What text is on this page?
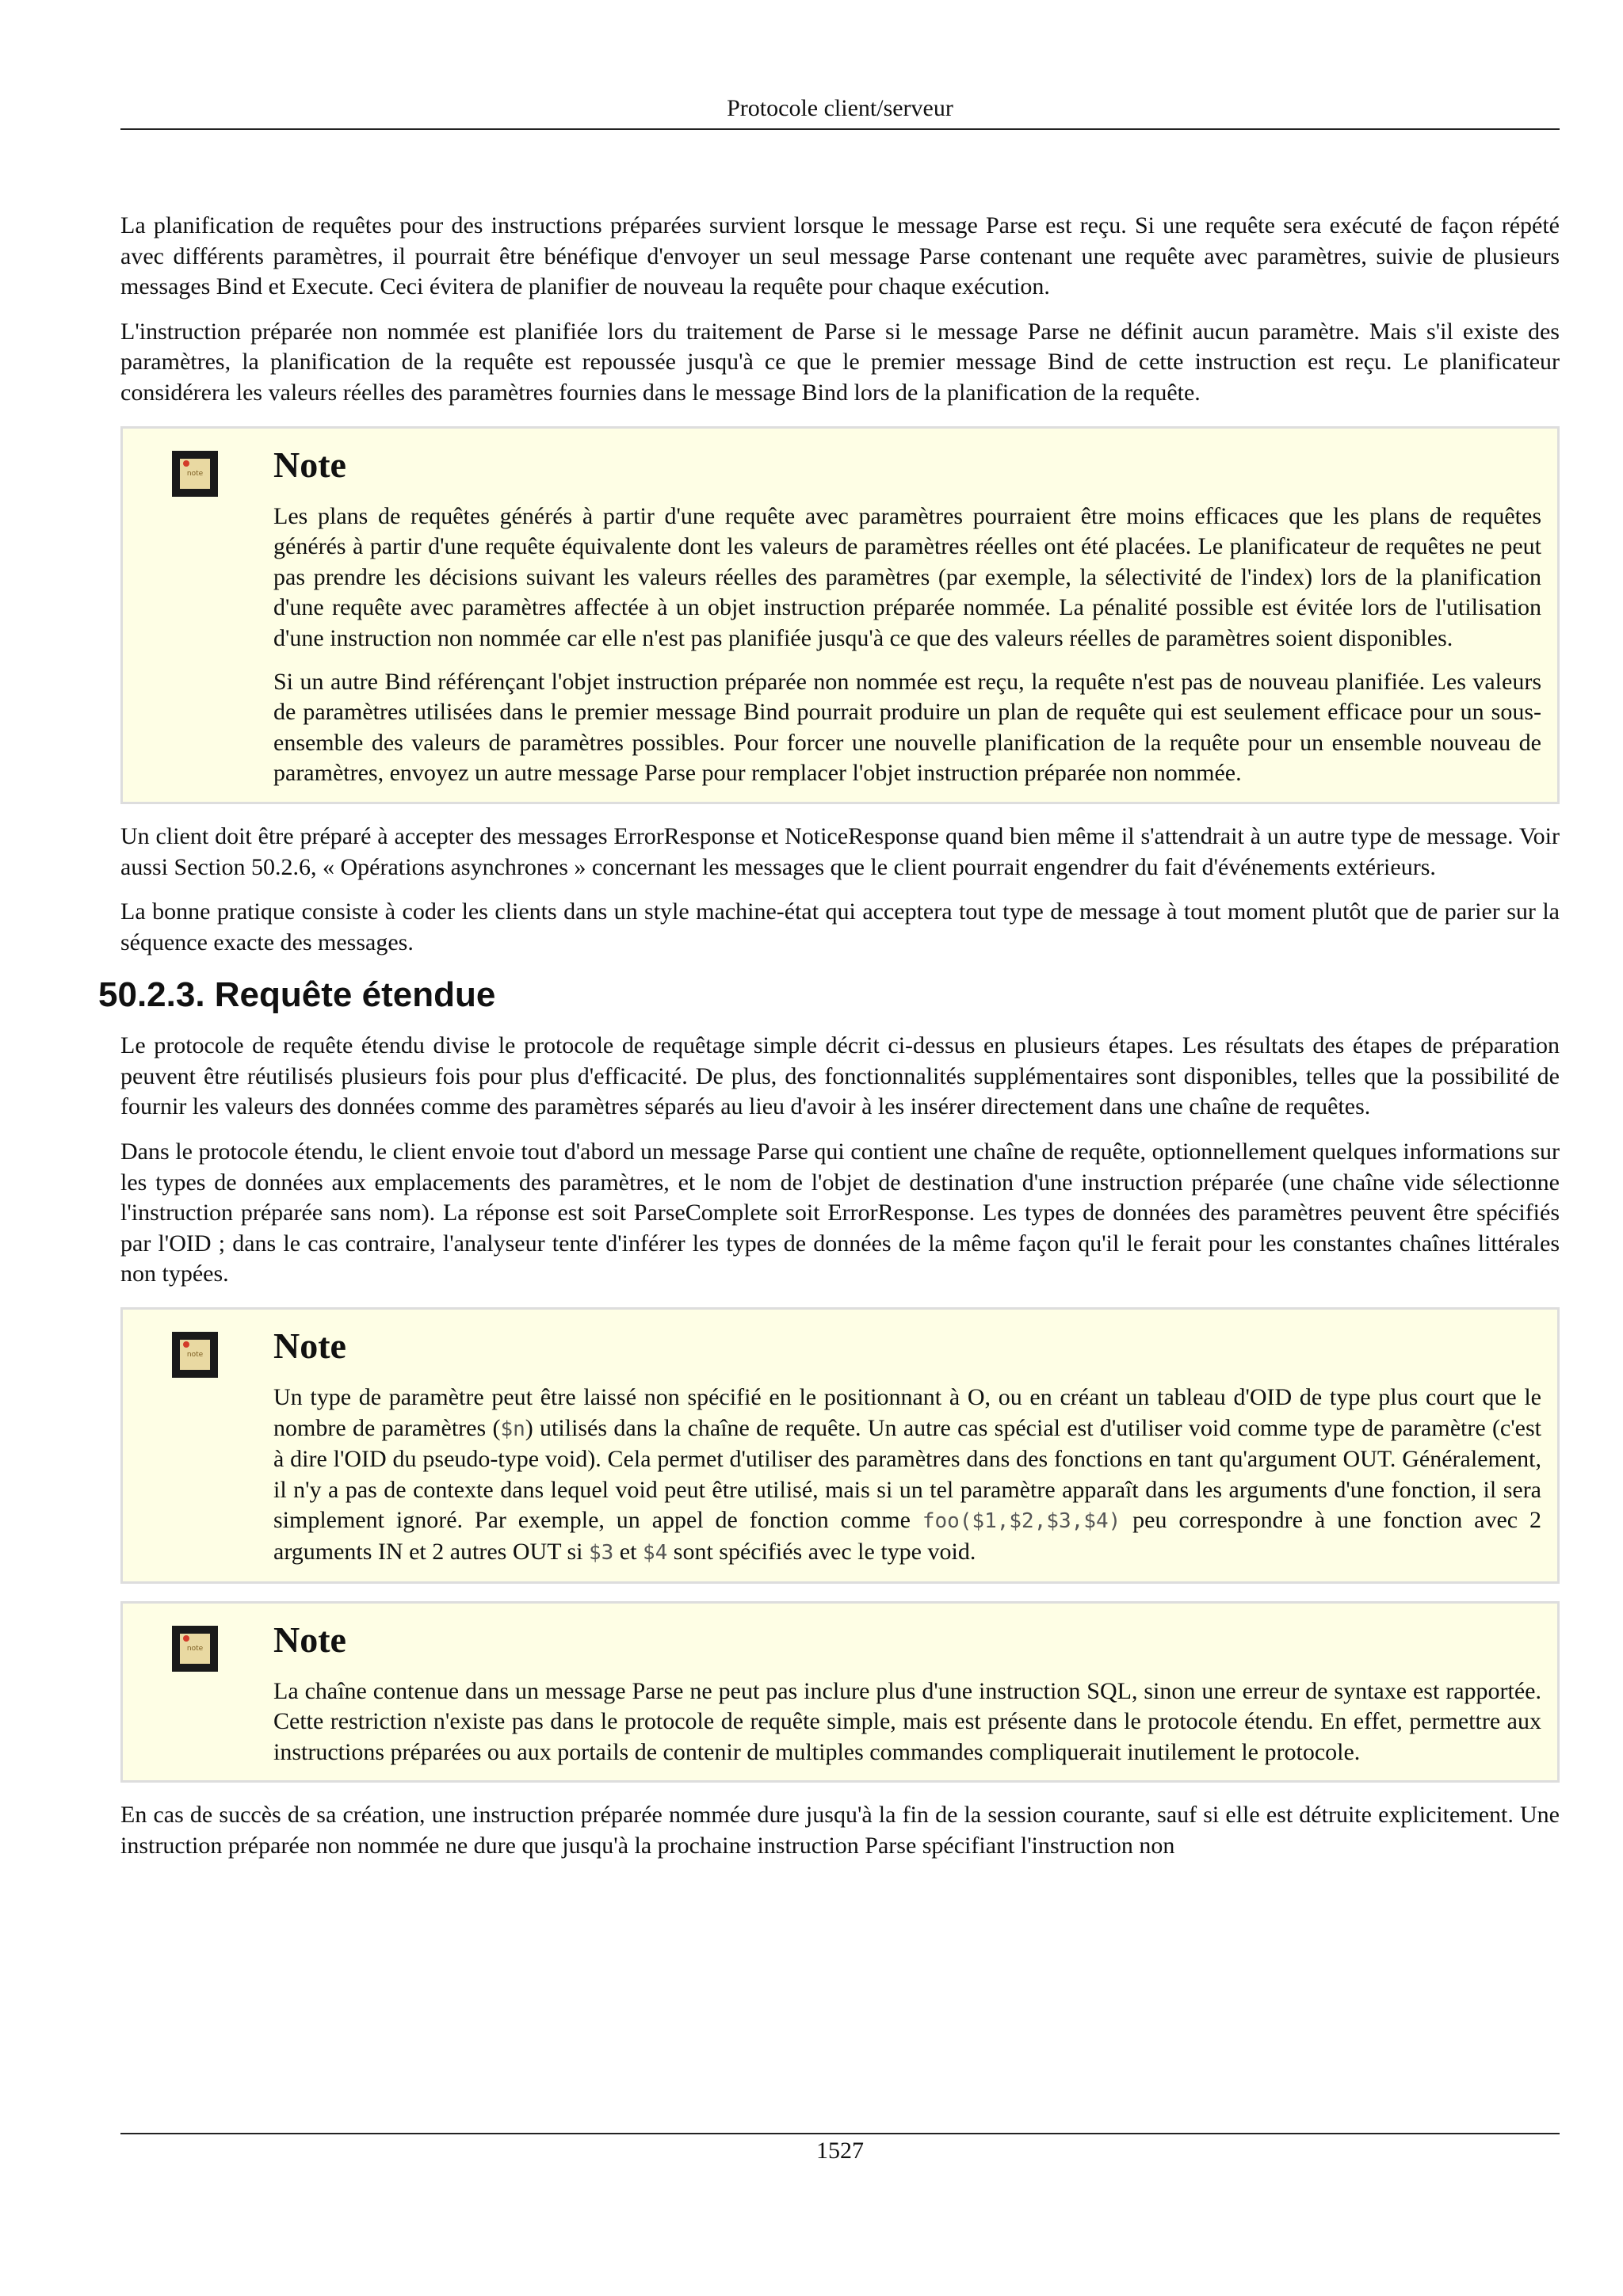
Protocole client/serveur

La planification de requêtes pour des instructions préparées survient lorsque le message Parse est reçu. Si une requête sera exécuté de façon répété avec différents paramètres, il pourrait être bénéfique d'envoyer un seul message Parse contenant une requête avec paramètres, suivie de plusieurs messages Bind et Execute. Ceci évitera de planifier de nouveau la requête pour chaque exécution.

L'instruction préparée non nommée est planifiée lors du traitement de Parse si le message Parse ne définit aucun paramètre. Mais s'il existe des paramètres, la planification de la requête est repoussée jusqu'à ce que le premier message Bind de cette instruction est reçu. Le planificateur considérera les valeurs réelles des paramètres fournies dans le message Bind lors de la planification de la requête.

note Note

Les plans de requêtes générés à partir d'une requête avec paramètres pourraient être moins efficaces que les plans de requêtes générés à partir d'une requête équivalente dont les valeurs de paramètres réelles ont été placées. Le planificateur de requêtes ne peut pas prendre les décisions suivant les valeurs réelles des paramètres (par exemple, la sélectivité de l'index) lors de la planification d'une requête avec paramètres affectée à un objet instruction préparée nommée. La pénalité possible est évitée lors de l'utilisation d'une instruction non nommée car elle n'est pas planifiée jusqu'à ce que des valeurs réelles de paramètres soient disponibles.

Si un autre Bind référençant l'objet instruction préparée non nommée est reçu, la requête n'est pas de nouveau planifiée. Les valeurs de paramètres utilisées dans le premier message Bind pourrait produire un plan de requête qui est seulement efficace pour un sous-ensemble des valeurs de paramètres possibles. Pour forcer une nouvelle planification de la requête pour un ensemble nouveau de paramètres, envoyez un autre message Parse pour remplacer l'objet instruction préparée non nommée.

Un client doit être préparé à accepter des messages ErrorResponse et NoticeResponse quand bien même il s'attendrait à un autre type de message. Voir aussi Section 50.2.6, « Opérations asynchrones » concernant les messages que le client pourrait engendrer du fait d'événements extérieurs.

La bonne pratique consiste à coder les clients dans un style machine-état qui acceptera tout type de message à tout moment plutôt que de parier sur la séquence exacte des messages.

50.2.3. Requête étendue

Le protocole de requête étendu divise le protocole de requêtage simple décrit ci-dessus en plusieurs étapes. Les résultats des étapes de préparation peuvent être réutilisés plusieurs fois pour plus d'efficacité. De plus, des fonctionnalités supplémentaires sont disponibles, telles que la possibilité de fournir les valeurs des données comme des paramètres séparés au lieu d'avoir à les insérer directement dans une chaîne de requêtes.

Dans le protocole étendu, le client envoie tout d'abord un message Parse qui contient une chaîne de requête, optionnellement quelques informations sur les types de données aux emplacements des paramètres, et le nom de l'objet de destination d'une instruction préparée (une chaîne vide sélectionne l'instruction préparée sans nom). La réponse est soit ParseComplete soit ErrorResponse. Les types de données des paramètres peuvent être spécifiés par l'OID ; dans le cas contraire, l'analyseur tente d'inférer les types de données de la même façon qu'il le ferait pour les constantes chaînes littérales non typées.

note Note

Un type de paramètre peut être laissé non spécifié en le positionnant à O, ou en créant un tableau d'OID de type plus court que le nombre de paramètres ($n) utilisés dans la chaîne de requête. Un autre cas spécial est d'utiliser void comme type de paramètre (c'est à dire l'OID du pseudo-type void). Cela permet d'utiliser des paramètres dans des fonctions en tant qu'argument OUT. Généralement, il n'y a pas de contexte dans lequel void peut être utilisé, mais si un tel paramètre apparaît dans les arguments d'une fonction, il sera simplement ignoré. Par exemple, un appel de fonction comme foo($1,$2,$3,$4) peu correspondre à une fonction avec 2 arguments IN et 2 autres OUT si $3 et $4 sont spécifiés avec le type void.

note Note

La chaîne contenue dans un message Parse ne peut pas inclure plus d'une instruction SQL, sinon une erreur de syntaxe est rapportée. Cette restriction n'existe pas dans le protocole de requête simple, mais est présente dans le protocole étendu. En effet, permettre aux instructions préparées ou aux portails de contenir de multiples commandes compliquerait inutilement le protocole.

En cas de succès de sa création, une instruction préparée nommée dure jusqu'à la fin de la session courante, sauf si elle est détruite explicitement. Une instruction préparée non nommée ne dure que jusqu'à la prochaine instruction Parse spécifiant l'instruction non

1527
